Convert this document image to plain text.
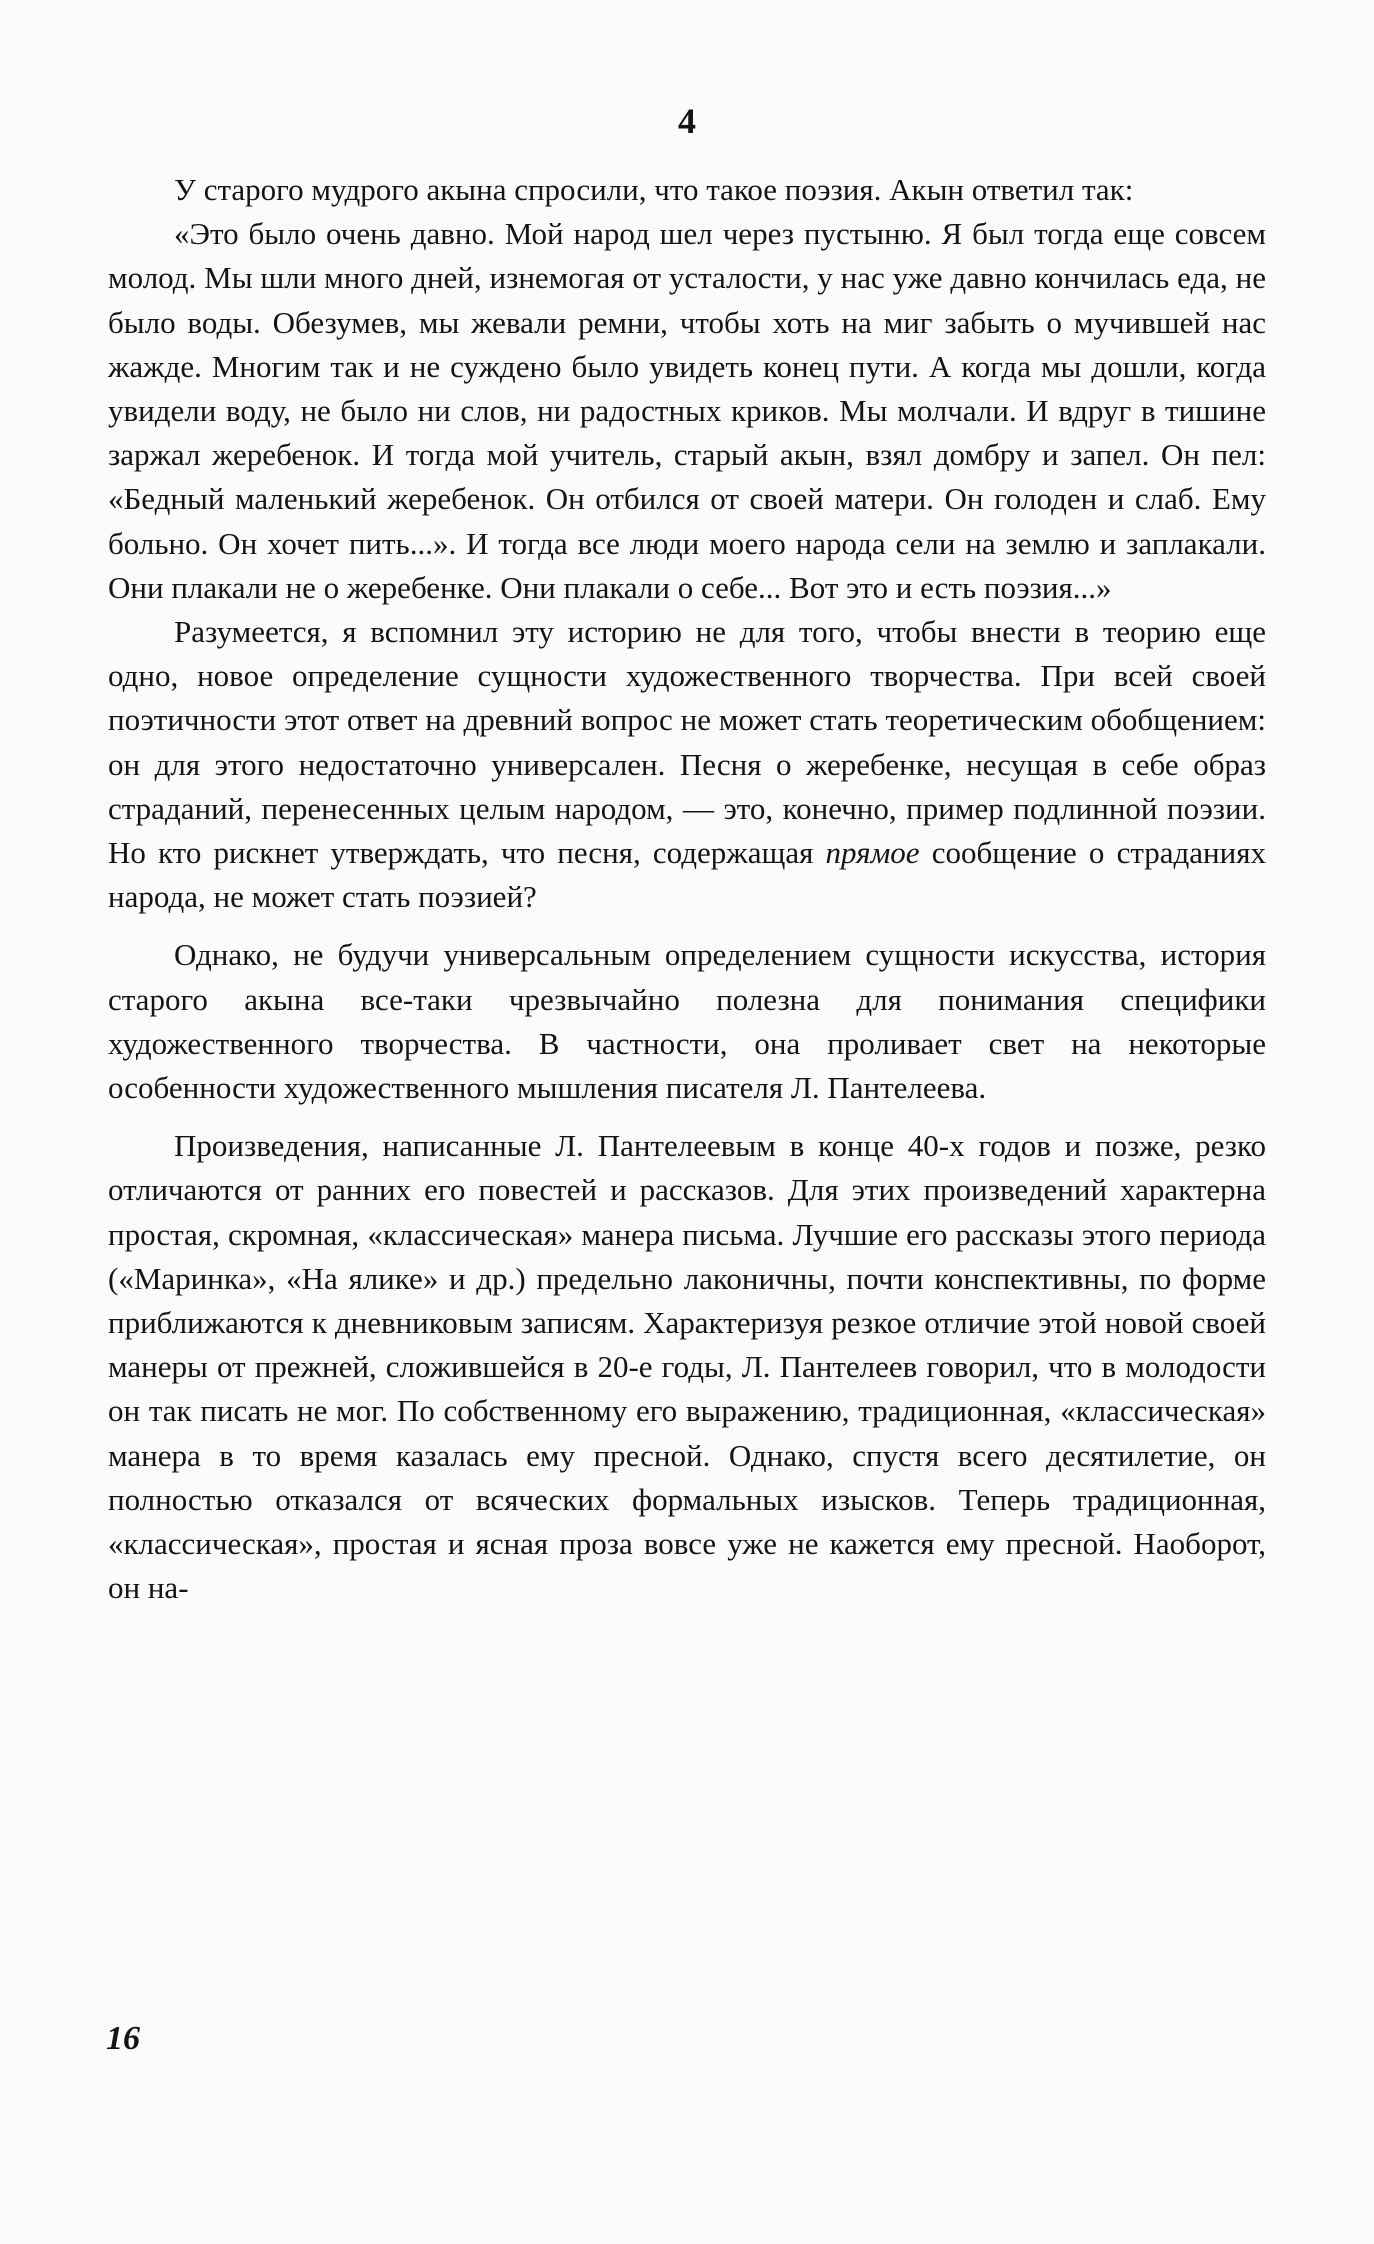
4

У старого мудрого акына спросили, что такое поэзия. Акын ответил так:

«Это было очень давно. Мой народ шел через пустыню. Я был тогда еще совсем молод. Мы шли много дней, изнемогая от усталости, у нас уже давно кончилась еда, не было воды. Обезумев, мы жевали ремни, чтобы хоть на миг забыть о мучившей нас жажде. Многим так и не суждено было увидеть конец пути. А когда мы дошли, когда увидели воду, не было ни слов, ни радостных криков. Мы молчали. И вдруг в тишине заржал жеребенок. И тогда мой учитель, старый акын, взял домбру и запел. Он пел: «Бедный маленький жеребенок. Он отбился от своей матери. Он голоден и слаб. Ему больно. Он хочет пить...». И тогда все люди моего народа сели на землю и заплакали. Они плакали не о жеребенке. Они плакали о себе... Вот это и есть поэзия...»

Разумеется, я вспомнил эту историю не для того, чтобы внести в теорию еще одно, новое определение сущности художественного творчества. При всей своей поэтичности этот ответ на древний вопрос не может стать теоретическим обобщением: он для этого недостаточно универсален. Песня о жеребенке, несущая в себе образ страданий, перенесенных целым народом, — это, конечно, пример подлинной поэзии. Но кто рискнет утверждать, что песня, содержащая прямое сообщение о страданиях народа, не может стать поэзией?

Однако, не будучи универсальным определением сущности искусства, история старого акына все-таки чрезвычайно полезна для понимания специфики художественного творчества. В частности, она проливает свет на некоторые особенности художественного мышления писателя Л. Пантелеева.

Произведения, написанные Л. Пантелеевым в конце 40-х годов и позже, резко отличаются от ранних его повестей и рассказов. Для этих произведений характерна простая, скромная, «классическая» манера письма. Лучшие его рассказы этого периода («Маринка», «На ялике» и др.) предельно лаконичны, почти конспективны, по форме приближаются к дневниковым записям. Характеризуя резкое отличие этой новой своей манеры от прежней, сложившейся в 20-е годы, Л. Пантелеев говорил, что в молодости он так писать не мог. По собственному его выражению, традиционная, «классическая» манера в то время казалась ему пресной. Однако, спустя всего десятилетие, он полностью отказался от всяческих формальных изысков. Теперь традиционная, «классическая», простая и ясная проза вовсе уже не кажется ему пресной. Наоборот, он на-

16
